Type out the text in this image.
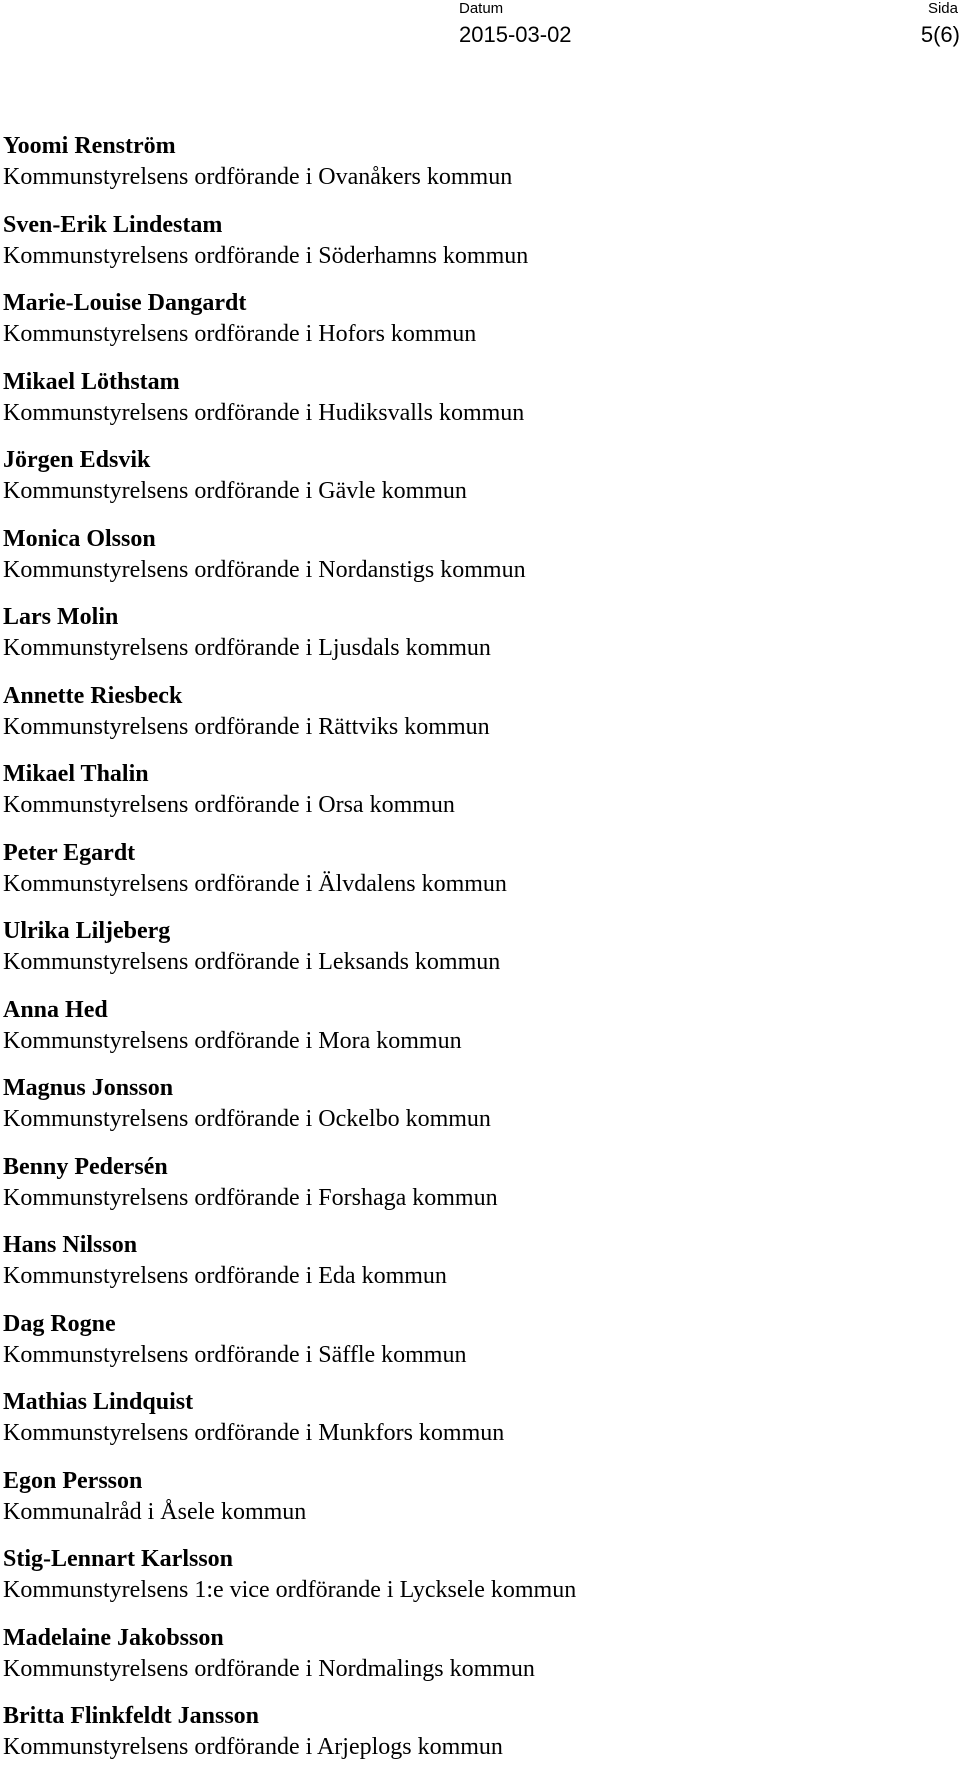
Datum
2015-03-02
Sida
5(6)
Yoomi Renström
Kommunstyrelsens ordförande i Ovanåkers kommun
Sven-Erik Lindestam
Kommunstyrelsens ordförande i Söderhamns kommun
Marie-Louise Dangardt
Kommunstyrelsens ordförande i Hofors kommun
Mikael Löthstam
Kommunstyrelsens ordförande i Hudiksvalls kommun
Jörgen Edsvik
Kommunstyrelsens ordförande i Gävle kommun
Monica Olsson
Kommunstyrelsens ordförande i Nordanstigs kommun
Lars Molin
Kommunstyrelsens ordförande i Ljusdals kommun
Annette Riesbeck
Kommunstyrelsens ordförande i Rättviks kommun
Mikael Thalin
Kommunstyrelsens ordförande i Orsa kommun
Peter Egardt
Kommunstyrelsens ordförande i Älvdalens kommun
Ulrika Liljeberg
Kommunstyrelsens ordförande i Leksands kommun
Anna Hed
Kommunstyrelsens ordförande i Mora kommun
Magnus Jonsson
Kommunstyrelsens ordförande i Ockelbo kommun
Benny Pedersén
Kommunstyrelsens ordförande i Forshaga kommun
Hans Nilsson
Kommunstyrelsens ordförande i Eda kommun
Dag Rogne
Kommunstyrelsens ordförande i Säffle kommun
Mathias Lindquist
Kommunstyrelsens ordförande i Munkfors kommun
Egon Persson
Kommunalråd i Åsele kommun
Stig-Lennart Karlsson
Kommunstyrelsens 1:e vice ordförande i Lycksele kommun
Madelaine Jakobsson
Kommunstyrelsens ordförande i Nordmalings kommun
Britta Flinkfeldt Jansson
Kommunstyrelsens ordförande i Arjeplogs kommun
